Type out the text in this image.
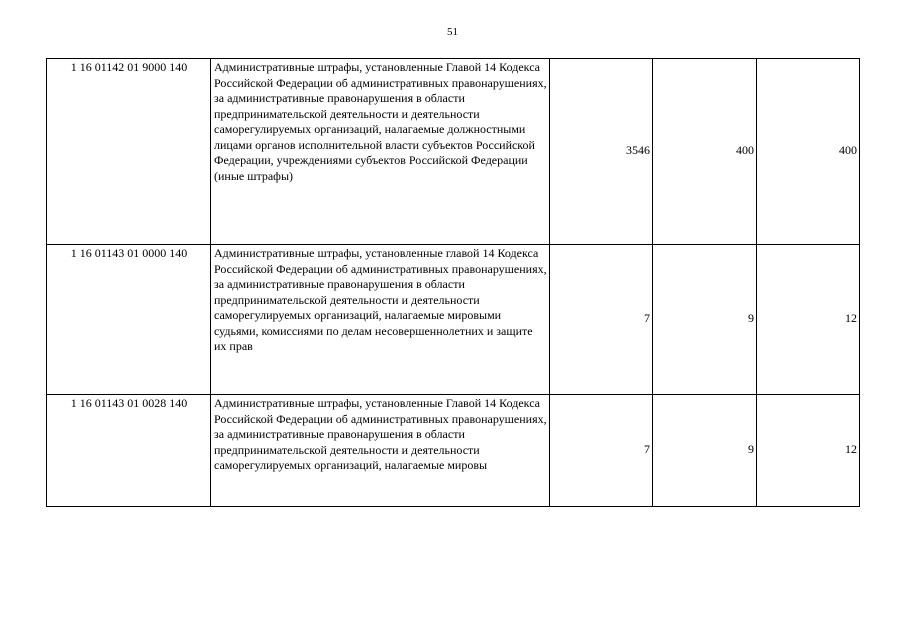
51
1 16 01142 01 9000 140	Административные штрафы, установленные Главой 14 Кодекса Российской Федерации об административных правонарушениях, за административные правонарушения в области предпринимательской деятельности и деятельности саморегулируемых организаций, налагаемые должностными лицами органов исполнительной власти субъектов Российской Федерации, учреждениями субъектов Российской Федерации (иные штрафы)	3546	400	400
1 16 01143 01 0000 140	Административные штрафы, установленные главой 14 Кодекса Российской Федерации об административных правонарушениях, за административные правонарушения в области предпринимательской деятельности и деятельности саморегулируемых организаций, налагаемые мировыми судьями, комиссиями по делам несовершеннолетних и защите их прав	7	9	12
1 16 01143 01 0028 140	Административные штрафы, установленные Главой 14 Кодекса Российской Федерации об административных правонарушениях, за административные правонарушения в области предпринимательской деятельности и деятельности саморегулируемых организаций, налагаемые мировы	7	9	12
